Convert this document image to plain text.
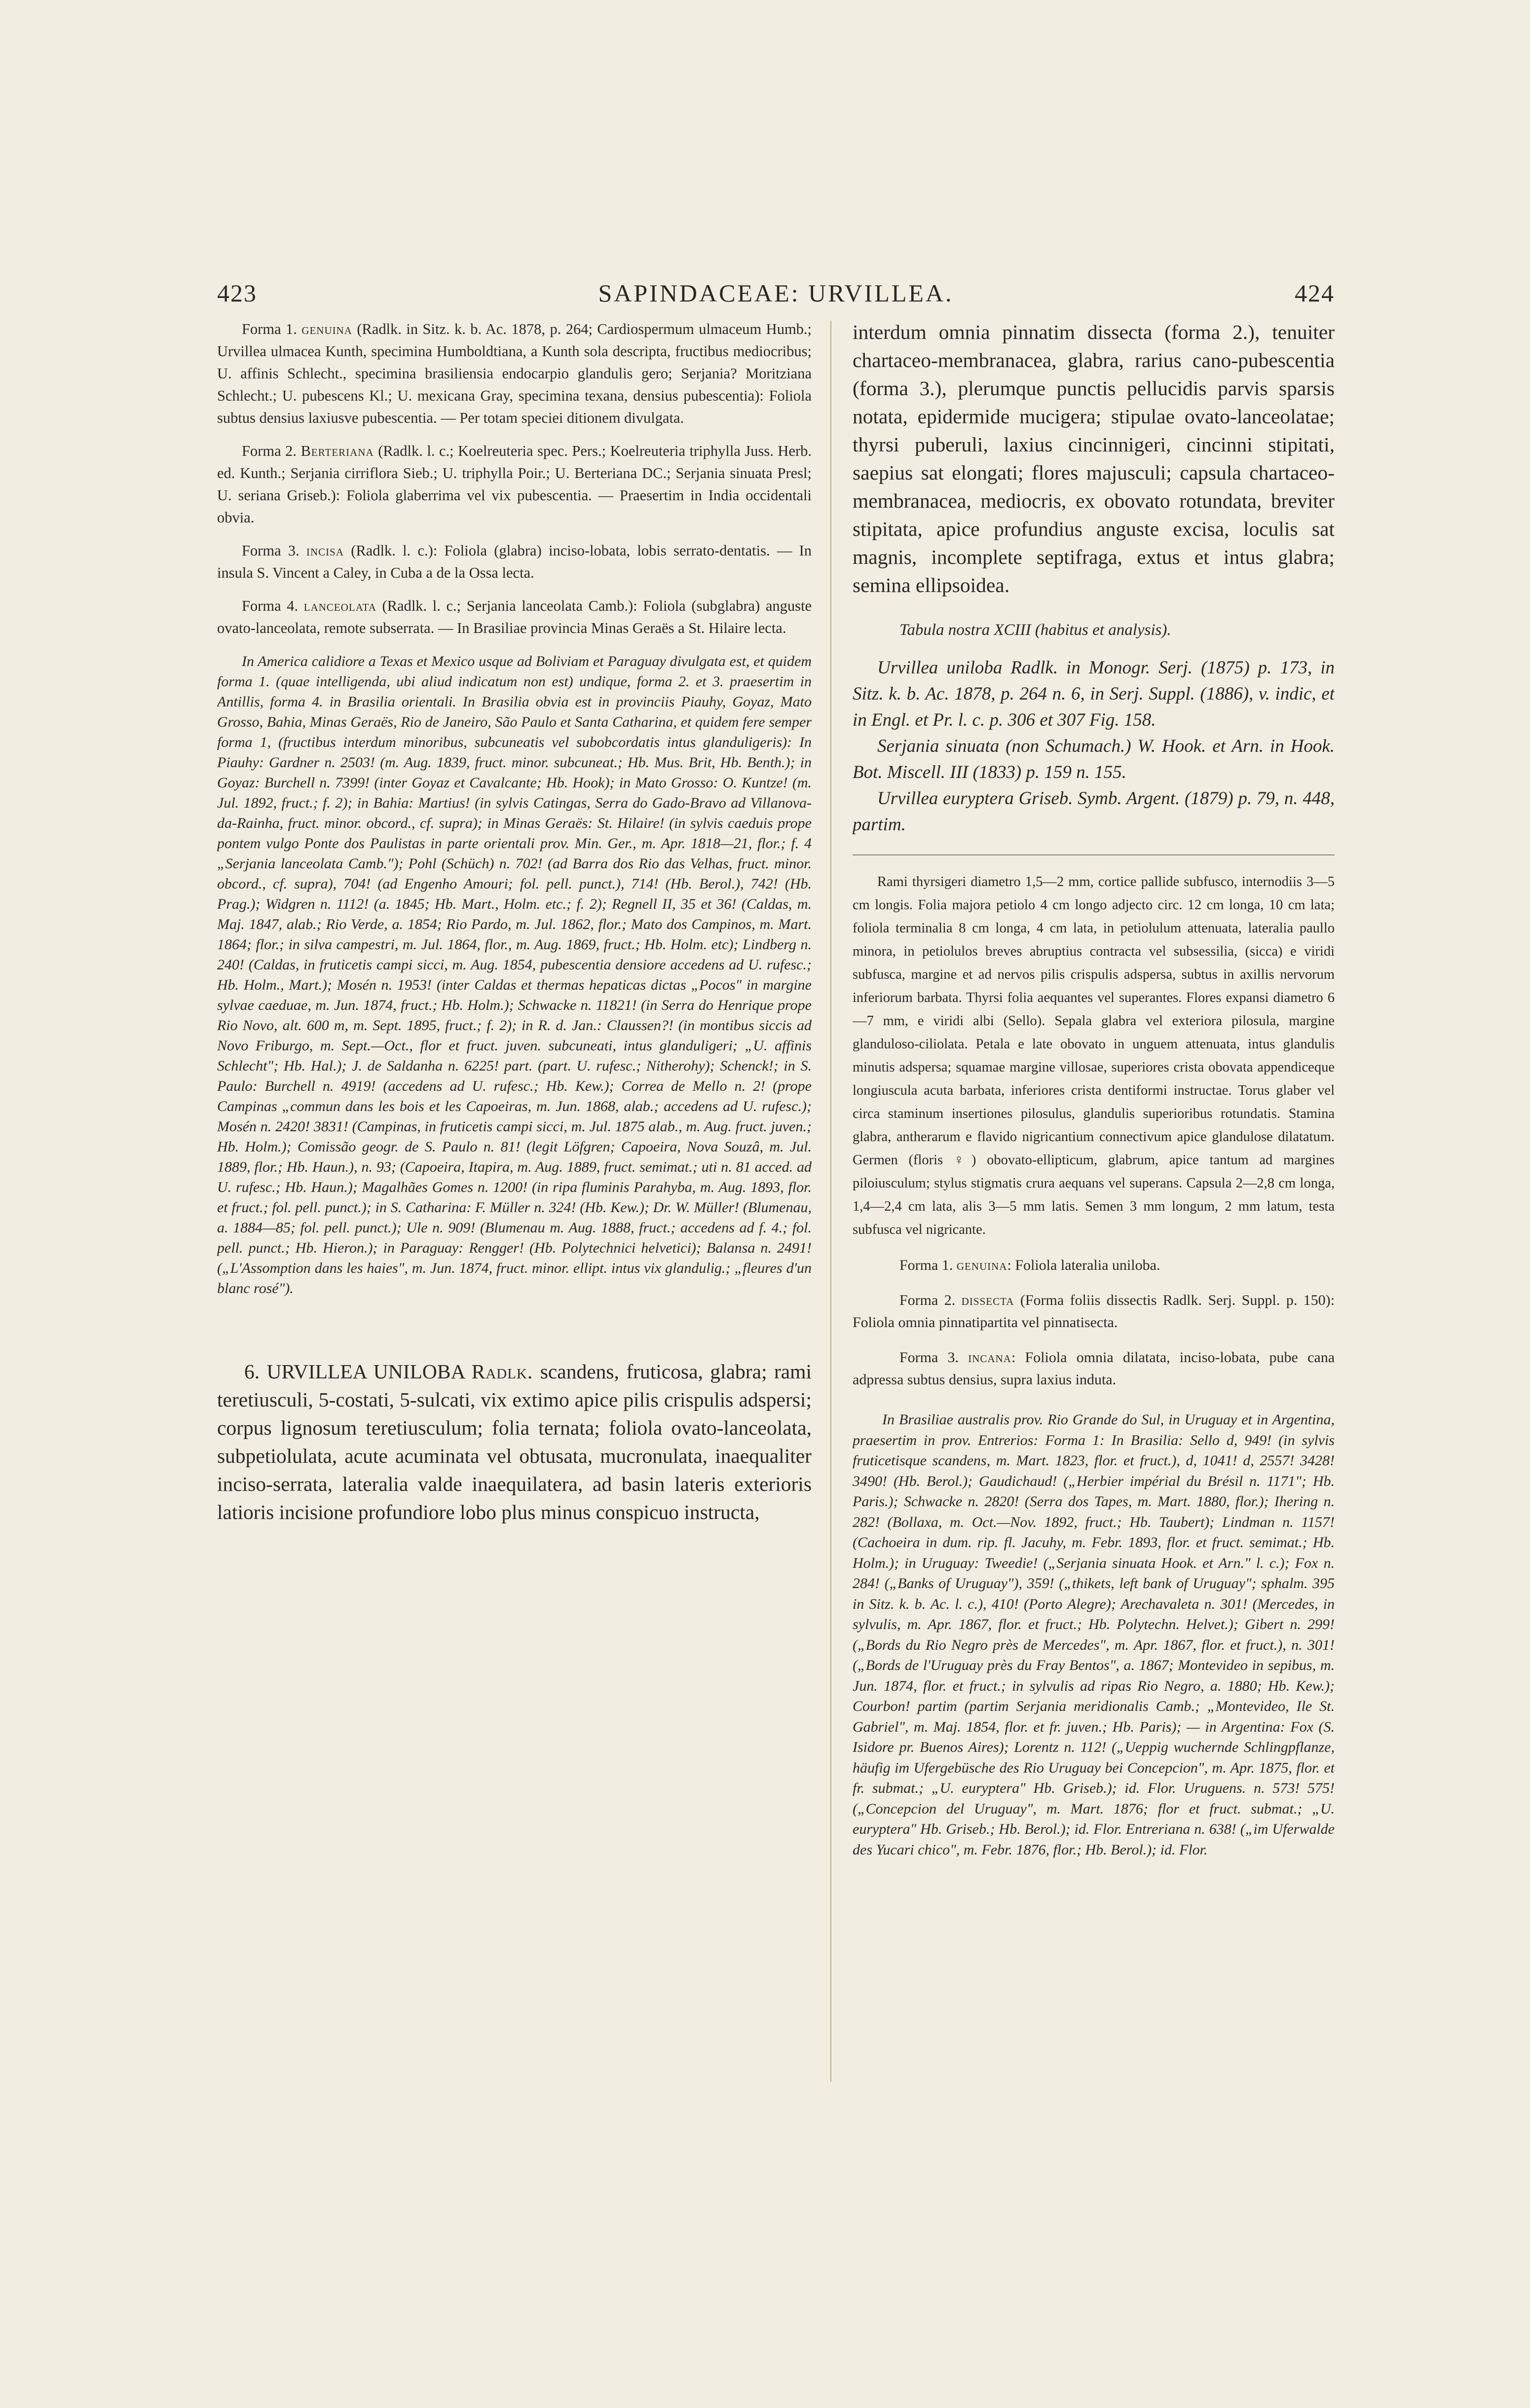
423	SAPINDACEAE: URVILLEA.	424

Forma 1. genuina (Radlk. in Sitz. k. b. Ac. 1878, p. 264; Cardiospermum ulmaceum Humb.; Urvillea ulmacea Kunth, specimina Humboldtiana, a Kunth sola descripta, fructibus mediocribus; U. affinis Schlecht., specimina brasiliensia endocarpio glandulis gero; Serjania? Moritziana Schlecht.; U. pubescens Kl.; U. mexicana Gray, specimina texana, densius pubescentia): Foliola subtus densius laxiusve pubescentia. — Per totam speciei ditionem divulgata.

Forma 2. Berteriana (Radlk. l. c.; Koelreuteria spec. Pers.; Koelreuteria triphylla Juss. Herb. ed. Kunth.; Serjania cirriflora Sieb.; U. triphylla Poir.; U. Berteriana DC.; Serjania sinuata Presl; U. seriana Griseb.): Foliola glaberrima vel vix pubescentia. — Praesertim in India occidentali obvia.

Forma 3. incisa (Radlk. l. c.): Foliola (glabra) inciso-lobata, lobis serrato-dentatis. — In insula S. Vincent a Caley, in Cuba a de la Ossa lecta.

Forma 4. lanceolata (Radlk. l. c.; Serjania lanceolata Camb.): Foliola (subglabra) anguste ovato-lanceolata, remote subserrata. — In Brasiliae provincia Minas Geraës a St. Hilaire lecta.

In America calidiore a Texas et Mexico usque ad Boliviam et Paraguay divulgata est, et quidem forma 1. (quae intelligenda, ubi aliud indicatum non est) undique, forma 2. et 3. praesertim in Antillis, forma 4. in Brasilia orientali. In Brasilia obvia est in provinciis Piauhy, Goyaz, Mato Grosso, Bahia, Minas Geraës, Rio de Janeiro, São Paulo et Santa Catharina, et quidem fere semper forma 1, (fructibus interdum minoribus, subcuneatis vel subobcordatis intus glanduligeris): In Piauhy: Gardner n. 2503! (m. Aug. 1839, fruct. minor. subcuneat.; Hb. Mus. Brit, Hb. Benth.); in Goyaz: Burchell n. 7399! (inter Goyaz et Cavalcante; Hb. Hook); in Mato Grosso: O. Kuntze! (m. Jul. 1892, fruct.; f. 2); in Bahia: Martius! (in sylvis Catingas, Serra do Gado-Bravo ad Villanova-da-Rainha, fruct. minor. obcord., cf. supra); in Minas Geraës: St. Hilaire! (in sylvis caeduis prope pontem vulgo Ponte dos Paulistas in parte orientali prov. Min. Ger., m. Apr. 1818—21, flor.; f. 4 „Serjania lanceolata Camb."); Pohl (Schüch) n. 702! (ad Barra dos Rio das Velhas, fruct. minor. obcord., cf. supra), 704! (ad Engenho Amouri; fol. pell. punct.), 714! (Hb. Berol.), 742! (Hb. Prag.); Widgren n. 1112! (a. 1845; Hb. Mart., Holm. etc.; f. 2); Regnell II, 35 et 36! (Caldas, m. Maj. 1847, alab.; Rio Verde, a. 1854; Rio Pardo, m. Jul. 1862, flor.; Mato dos Campinos, m. Mart. 1864; flor.; in silva campestri, m. Jul. 1864, flor., m. Aug. 1869, fruct.; Hb. Holm. etc); Lindberg n. 240! (Caldas, in fruticetis campi sicci, m. Aug. 1854, pubescentia densiore accedens ad U. rufesc.; Hb. Holm., Mart.); Mosén n. 1953! (inter Caldas et thermas hepaticas dictas „Pocos" in margine sylvae caeduae, m. Jun. 1874, fruct.; Hb. Holm.); Schwacke n. 11821! (in Serra do Henrique prope Rio Novo, alt. 600 m, m. Sept. 1895, fruct.; f. 2); in R. d. Jan.: Claussen?! (in montibus siccis ad Novo Friburgo, m. Sept.—Oct., flor et fruct. juven. subcuneati, intus glanduligeri; „U. affinis Schlecht"; Hb. Hal.); J. de Saldanha n. 6225! part. (part. U. rufesc.; Nitherohy); Schenck!; in S. Paulo: Burchell n. 4919! (accedens ad U. rufesc.; Hb. Kew.); Correa de Mello n. 2! (prope Campinas „commun dans les bois et les Capoeiras, m. Jun. 1868, alab.; accedens ad U. rufesc.); Mosén n. 2420! 3831! (Campinas, in fruticetis campi sicci, m. Jul. 1875 alab., m. Aug. fruct. juven.; Hb. Holm.); Comissão geogr. de S. Paulo n. 81! (legit Löfgren; Capoeira, Nova Souzâ, m. Jul. 1889, flor.; Hb. Haun.), n. 93; (Capoeira, Itapira, m. Aug. 1889, fruct. semimat.; uti n. 81 acced. ad U. rufesc.; Hb. Haun.); Magalhães Gomes n. 1200! (in ripa fluminis Parahyba, m. Aug. 1893, flor. et fruct.; fol. pell. punct.); in S. Catharina: F. Müller n. 324! (Hb. Kew.); Dr. W. Müller! (Blumenau, a. 1884—85; fol. pell. punct.); Ule n. 909! (Blumenau m. Aug. 1888, fruct.; accedens ad f. 4.; fol. pell. punct.; Hb. Hieron.); in Paraguay: Rengger! (Hb. Polytechnici helvetici); Balansa n. 2491! („L'Assomption dans les haies", m. Jun. 1874, fruct. minor. ellipt. intus vix glandulig.; „fleures d'un blanc rosé").

6. URVILLEA UNILOBA Radlk. scandens, fruticosa, glabra; rami teretiusculi, 5-costati, 5-sulcati, vix extimo apice pilis crispulis adspersi; corpus lignosum teretiusculum; folia ternata; foliola ovato-lanceolata, subpetiolulata, acute acuminata vel obtusata, mucronulata, inaequaliter inciso-serrata, lateralia valde inaequilatera, ad basin lateris exterioris latioris incisione profundiore lobo plus minus conspicuo instructa,

interdum omnia pinnatim dissecta (forma 2.), tenuiter chartaceo-membranacea, glabra, rarius cano-pubescentia (forma 3.), plerumque punctis pellucidis parvis sparsis notata, epidermide mucigera; stipulae ovato-lanceolatae; thyrsi puberuli, laxius cincinnigeri, cincinni stipitati, saepius sat elongati; flores majusculi; capsula chartaceo-membranacea, mediocris, ex obovato rotundata, breviter stipitata, apice profundius anguste excisa, loculis sat magnis, incomplete septifraga, extus et intus glabra; semina ellipsoidea.

Tabula nostra XCIII (habitus et analysis).

Urvillea uniloba Radlk. in Monogr. Serj. (1875) p. 173, in Sitz. k. b. Ac. 1878, p. 264 n. 6, in Serj. Suppl. (1886), v. indic, et in Engl. et Pr. l. c. p. 306 et 307 Fig. 158.
Serjania sinuata (non Schumach.) W. Hook. et Arn. in Hook. Bot. Miscell. III (1833) p. 159 n. 155.
Urvillea euryptera Griseb. Symb. Argent. (1879) p. 79, n. 448, partim.

Rami thyrsigeri diametro 1,5—2 mm, cortice pallide subfusco, internodiis 3—5 cm longis. Folia majora petiolo 4 cm longo adjecto circ. 12 cm longa, 10 cm lata; foliola terminalia 8 cm longa, 4 cm lata, in petiolulum attenuata, lateralia paullo minora, in petiolulos breves abruptius contracta vel subsessilia, (sicca) e viridi subfusca, margine et ad nervos pilis crispulis adspersa, subtus in axillis nervorum inferiorum barbata. Thyrsi folia aequantes vel superantes. Flores expansi diametro 6—7 mm, e viridi albi (Sello). Sepala glabra vel exteriora pilosula, margine glanduloso-ciliolata. Petala e late obovato in unguem attenuata, intus glandulis minutis adspersa; squamae margine villosae, superiores crista obovata appendiceque longiuscula acuta barbata, inferiores crista dentiformi instructae. Torus glaber vel circa staminum insertiones pilosulus, glandulis superioribus rotundatis. Stamina glabra, antherarum e flavido nigricantium connectivum apice glandulose dilatatum. Germen (floris ♀) obovato-ellipticum, glabrum, apice tantum ad margines piloiusculum; stylus stigmatis crura aequans vel superans. Capsula 2—2,8 cm longa, 1,4—2,4 cm lata, alis 3—5 mm latis. Semen 3 mm longum, 2 mm latum, testa subfusca vel nigricante.

Forma 1. genuina: Foliola lateralia uniloba.

Forma 2. dissecta (Forma foliis dissectis Radlk. Serj. Suppl. p. 150): Foliola omnia pinnatipartita vel pinnatisecta.

Forma 3. incana: Foliola omnia dilatata, inciso-lobata, pube cana adpressa subtus densius, supra laxius induta.

In Brasiliae australis prov. Rio Grande do Sul, in Uruguay et in Argentina, praesertim in prov. Entrerios: Forma 1: In Brasilia: Sello d, 949! (in sylvis fruticetisque scandens, m. Mart. 1823, flor. et fruct.), d, 1041! d, 2557! 3428! 3490! (Hb. Berol.); Gaudichaud! („Herbier impérial du Brésil n. 1171"; Hb. Paris.); Schwacke n. 2820! (Serra dos Tapes, m. Mart. 1880, flor.); Ihering n. 282! (Bollaxa, m. Oct.—Nov. 1892, fruct.; Hb. Taubert); Lindman n. 1157! (Cachoeira in dum. rip. fl. Jacuhy, m. Febr. 1893, flor. et fruct. semimat.; Hb. Holm.); in Uruguay: Tweedie! („Serjania sinuata Hook. et Arn." l. c.); Fox n. 284! („Banks of Uruguay"), 359! („thikets, left bank of Uruguay"; sphalm. 395 in Sitz. k. b. Ac. l. c.), 410! (Porto Alegre); Arechavaleta n. 301! (Mercedes, in sylvulis, m. Apr. 1867, flor. et fruct.; Hb. Polytechn. Helvet.); Gibert n. 299! („Bords du Rio Negro près de Mercedes", m. Apr. 1867, flor. et fruct.), n. 301! („Bords de l'Uruguay près du Fray Bentos", a. 1867; Montevideo in sepibus, m. Jun. 1874, flor. et fruct.; in sylvulis ad ripas Rio Negro, a. 1880; Hb. Kew.); Courbon! partim (partim Serjania meridionalis Camb.; „Montevideo, Ile St. Gabriel", m. Maj. 1854, flor. et fr. juven.; Hb. Paris); — in Argentina: Fox (S. Isidore pr. Buenos Aires); Lorentz n. 112! („Ueppig wuchernde Schlingpflanze, häufig im Ufergebüsche des Rio Uruguay bei Concepcion", m. Apr. 1875, flor. et fr. submat.; „U. euryptera" Hb. Griseb.); id. Flor. Uruguens. n. 573! 575! („Concepcion del Uruguay", m. Mart. 1876; flor et fruct. submat.; „U. euryptera" Hb. Griseb.; Hb. Berol.); id. Flor. Entreriana n. 638! („im Uferwalde des Yucari chico", m. Febr. 1876, flor.; Hb. Berol.); id. Flor.
